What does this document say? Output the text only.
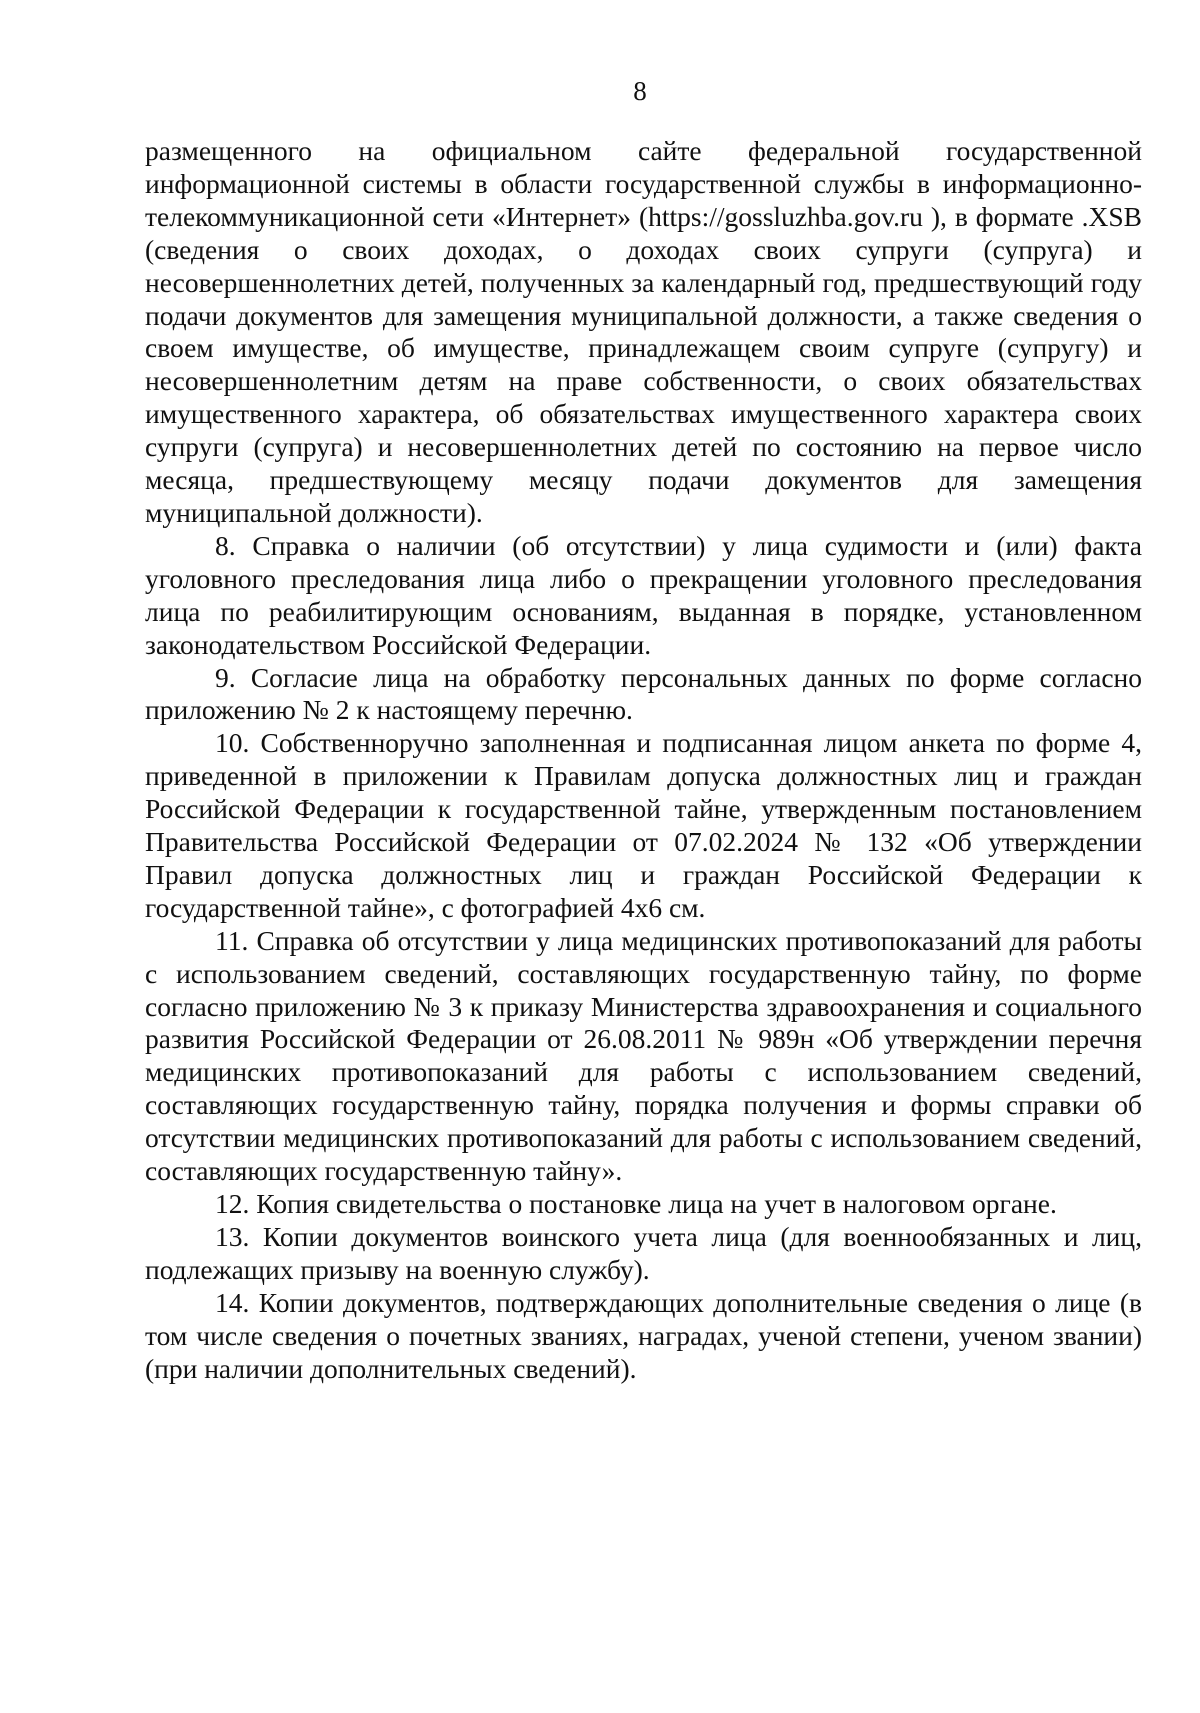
8

размещенного на официальном сайте федеральной государственной информационной системы в области государственной службы в информационно-телекоммуникационной сети «Интернет» (https://gossluzhba.gov.ru ), в формате .XSB (сведения о своих доходах, о доходах своих супруги (супруга) и несовершеннолетних детей, полученных за календарный год, предшествующий году подачи документов для замещения муниципальной должности, а также сведения о своем имуществе, об имуществе, принадлежащем своим супруге (супругу) и несовершеннолетним детям на праве собственности, о своих обязательствах имущественного характера, об обязательствах имущественного характера своих супруги (супруга) и несовершеннолетних детей по состоянию на первое число месяца, предшествующему месяцу подачи документов для замещения муниципальной должности).

8. Справка о наличии (об отсутствии) у лица судимости и (или) факта уголовного преследования лица либо о прекращении уголовного преследования лица по реабилитирующим основаниям, выданная в порядке, установленном законодательством Российской Федерации.

9. Согласие лица на обработку персональных данных по форме согласно приложению № 2 к настоящему перечню.

10. Собственноручно заполненная и подписанная лицом анкета по форме 4, приведенной в приложении к Правилам допуска должностных лиц и граждан Российской Федерации к государственной тайне, утвержденным постановлением Правительства Российской Федерации от 07.02.2024 № 132 «Об утверждении Правил допуска должностных лиц и граждан Российской Федерации к государственной тайне», с фотографией 4х6 см.

11. Справка об отсутствии у лица медицинских противопоказаний для работы с использованием сведений, составляющих государственную тайну, по форме согласно приложению № 3 к приказу Министерства здравоохранения и социального развития Российской Федерации от 26.08.2011 № 989н «Об утверждении перечня медицинских противопоказаний для работы с использованием сведений, составляющих государственную тайну, порядка получения и формы справки об отсутствии медицинских противопоказаний для работы с использованием сведений, составляющих государственную тайну».

12. Копия свидетельства о постановке лица на учет в налоговом органе.

13. Копии документов воинского учета лица (для военнообязанных и лиц, подлежащих призыву на военную службу).

14. Копии документов, подтверждающих дополнительные сведения о лице (в том числе сведения о почетных званиях, наградах, ученой степени, ученом звании) (при наличии дополнительных сведений).
